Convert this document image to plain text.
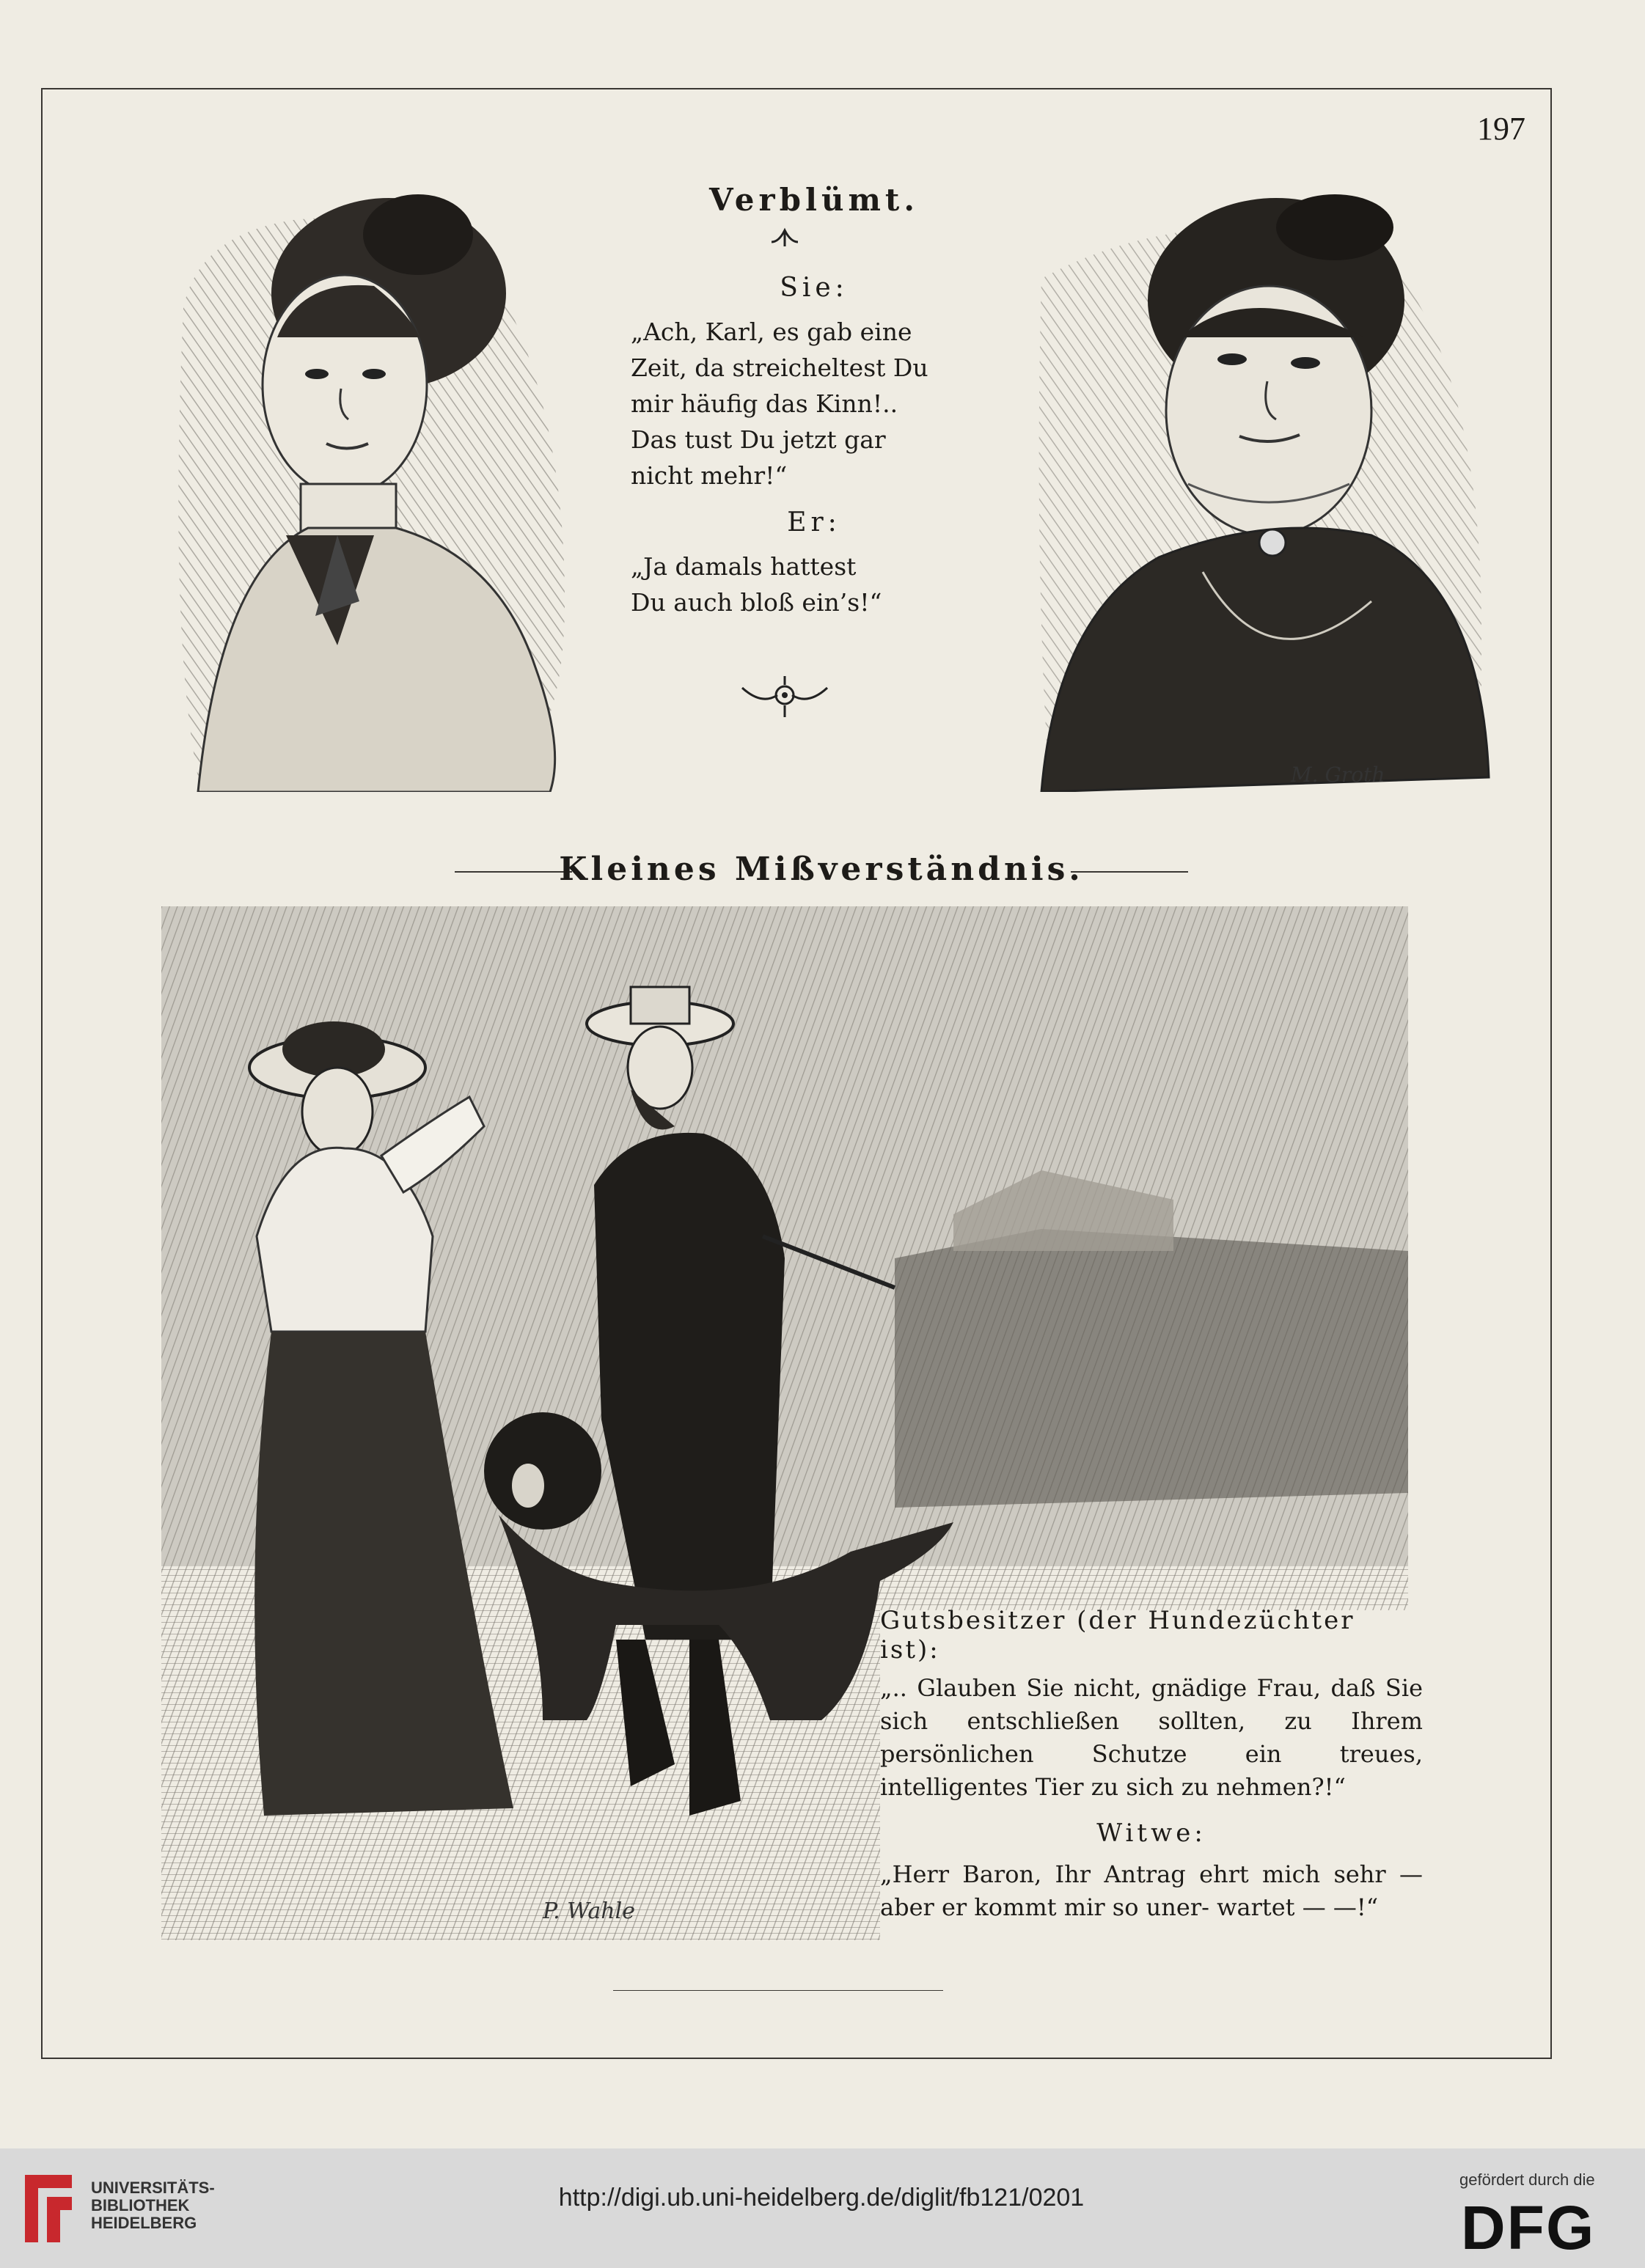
197
Verblümt.
Sie:
„Ach, Karl, es gab eine
Zeit, da streicheltest Du
mir häufig das Kinn!..
Das tust Du jetzt gar
nicht mehr!“
Er:
„Ja damals hattest
Du auch bloß ein’s!“
M. Groth
Kleines Mißverständnis.
P. Wahle
Gutsbesitzer (der Hundezüchter ist):
„.. Glauben Sie nicht, gnädige Frau, daß Sie sich entschließen sollten, zu Ihrem persönlichen Schutze ein treues, intelligentes Tier zu sich zu nehmen?!“
Witwe:
„Herr Baron, Ihr Antrag ehrt mich sehr — aber er kommt mir so uner- wartet — —!“
UNIVERSITÄTS-
BIBLIOTHEK
HEIDELBERG
http://digi.ub.uni-heidelberg.de/diglit/fb121/0201
gefördert durch die
DFG
